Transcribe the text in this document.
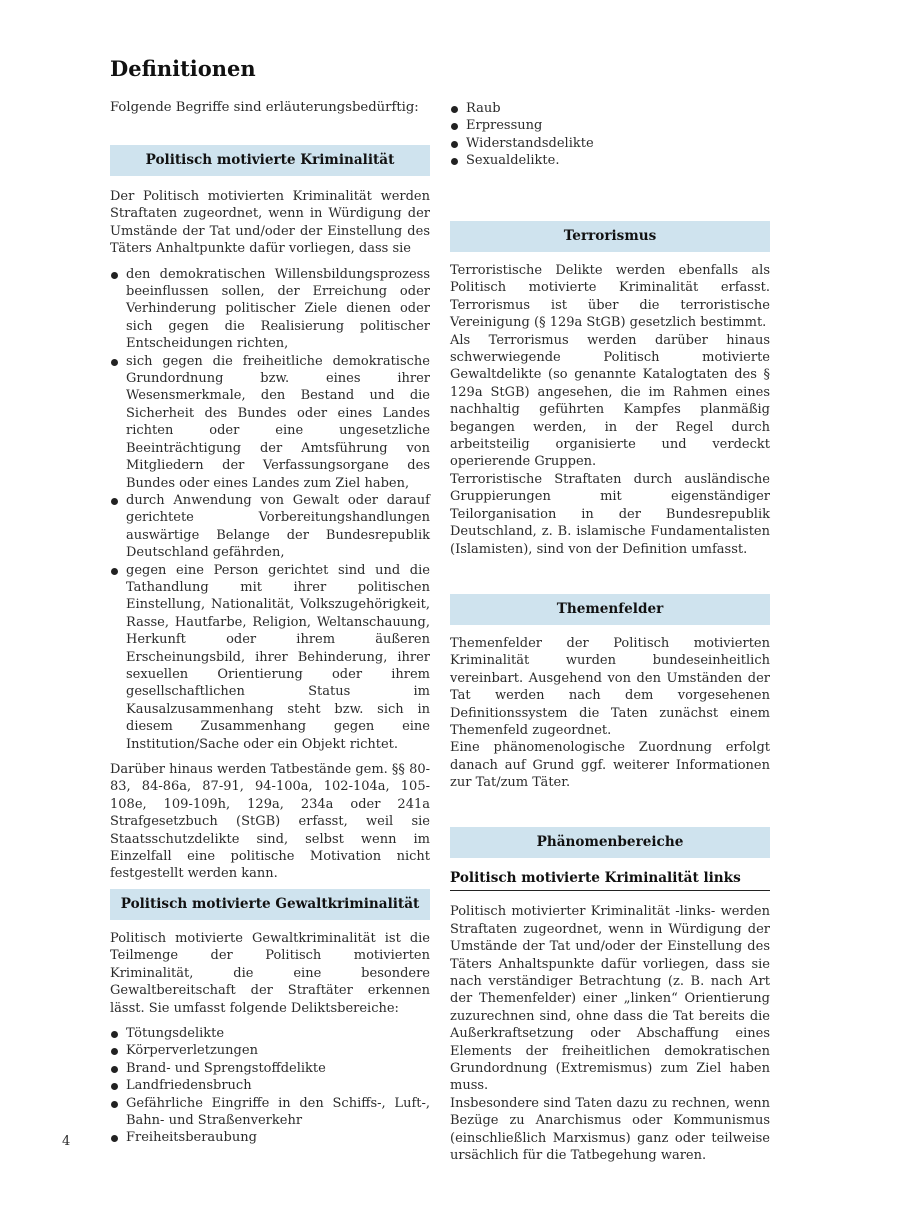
Definitionen

Folgende Begriffe sind erläuterungsbedürftig:

Politisch motivierte Kriminalität

Der Politisch motivierten Kriminalität werden Straftaten zugeordnet, wenn in Würdigung der Umstände der Tat und/oder der Einstellung des Täters Anhaltpunkte dafür vorliegen, dass sie

den demokratischen Willensbildungsprozess beeinflussen sollen, der Erreichung oder Verhinderung politischer Ziele dienen oder sich gegen die Realisierung politischer Entscheidungen richten,
sich gegen die freiheitliche demokratische Grundordnung bzw. eines ihrer Wesensmerkmale, den Bestand und die Sicherheit des Bundes oder eines Landes richten oder eine ungesetzliche Beeinträchtigung der Amtsführung von Mitgliedern der Verfassungsorgane des Bundes oder eines Landes zum Ziel haben,
durch Anwendung von Gewalt oder darauf gerichtete Vorbereitungshandlungen auswärtige Belange der Bundesrepublik Deutschland gefährden,
gegen eine Person gerichtet sind und die Tathandlung mit ihrer politischen Einstellung, Nationalität, Volkszugehörigkeit, Rasse, Hautfarbe, Religion, Weltanschauung, Herkunft oder ihrem äußeren Erscheinungsbild, ihrer Behinderung, ihrer sexuellen Orientierung oder ihrem gesellschaftlichen Status im Kausalzusammenhang steht bzw. sich in diesem Zusammenhang gegen eine Institution/Sache oder ein Objekt richtet.

Darüber hinaus werden Tatbestände gem. §§ 80-83, 84-86a, 87-91, 94-100a, 102-104a, 105-108e, 109-109h, 129a, 234a oder 241a Strafgesetzbuch (StGB) erfasst, weil sie Staatsschutzdelikte sind, selbst wenn im Einzelfall eine politische Motivation nicht festgestellt werden kann.

Politisch motivierte Gewaltkriminalität

Politisch motivierte Gewaltkriminalität ist die Teilmenge der Politisch motivierten Kriminalität, die eine besondere Gewaltbereitschaft der Straftäter erkennen lässt. Sie umfasst folgende Deliktsbereiche:

Tötungsdelikte
Körperverletzungen
Brand- und Sprengstoffdelikte
Landfriedensbruch
Gefährliche Eingriffe in den Schiffs-, Luft-, Bahn- und Straßenverkehr
Freiheitsberaubung
4
Raub
Erpressung
Widerstandsdelikte
Sexualdelikte.
Terrorismus

Terroristische Delikte werden ebenfalls als Politisch motivierte Kriminalität erfasst. Terrorismus ist über die terroristische Vereinigung (§ 129a StGB) gesetzlich bestimmt.

Als Terrorismus werden darüber hinaus schwerwiegende Politisch motivierte Gewaltdelikte (so genannte Katalogtaten des § 129a StGB) angesehen, die im Rahmen eines nachhaltig geführten Kampfes planmäßig begangen werden, in der Regel durch arbeitsteilig organisierte und verdeckt operierende Gruppen.

Terroristische Straftaten durch ausländische Gruppierungen mit eigenständiger Teilorganisation in der Bundesrepublik Deutschland, z. B. islamische Fundamentalisten (Islamisten), sind von der Definition umfasst.

Themenfelder

Themenfelder der Politisch motivierten Kriminalität wurden bundeseinheitlich vereinbart. Ausgehend von den Umständen der Tat werden nach dem vorgesehenen Definitionssystem die Taten zunächst einem Themenfeld zugeordnet.

Eine phänomenologische Zuordnung erfolgt danach auf Grund ggf. weiterer Informationen zur Tat/zum Täter.

Phänomenbereiche
Politisch motivierte Kriminalität links

Politisch motivierter Kriminalität -links- werden Straftaten zugeordnet, wenn in Würdigung der Umstände der Tat und/oder der Einstellung des Täters Anhaltspunkte dafür vorliegen, dass sie nach verständiger Betrachtung (z. B. nach Art der Themenfelder) einer „linken“ Orientierung zuzurechnen sind, ohne dass die Tat bereits die Außerkraftsetzung oder Abschaffung eines Elements der freiheitlichen demokratischen Grundordnung (Extremismus) zum Ziel haben muss.

Insbesondere sind Taten dazu zu rechnen, wenn Bezüge zu Anarchismus oder Kommunismus (einschließlich Marxismus) ganz oder teilweise ursächlich für die Tatbegehung waren.
